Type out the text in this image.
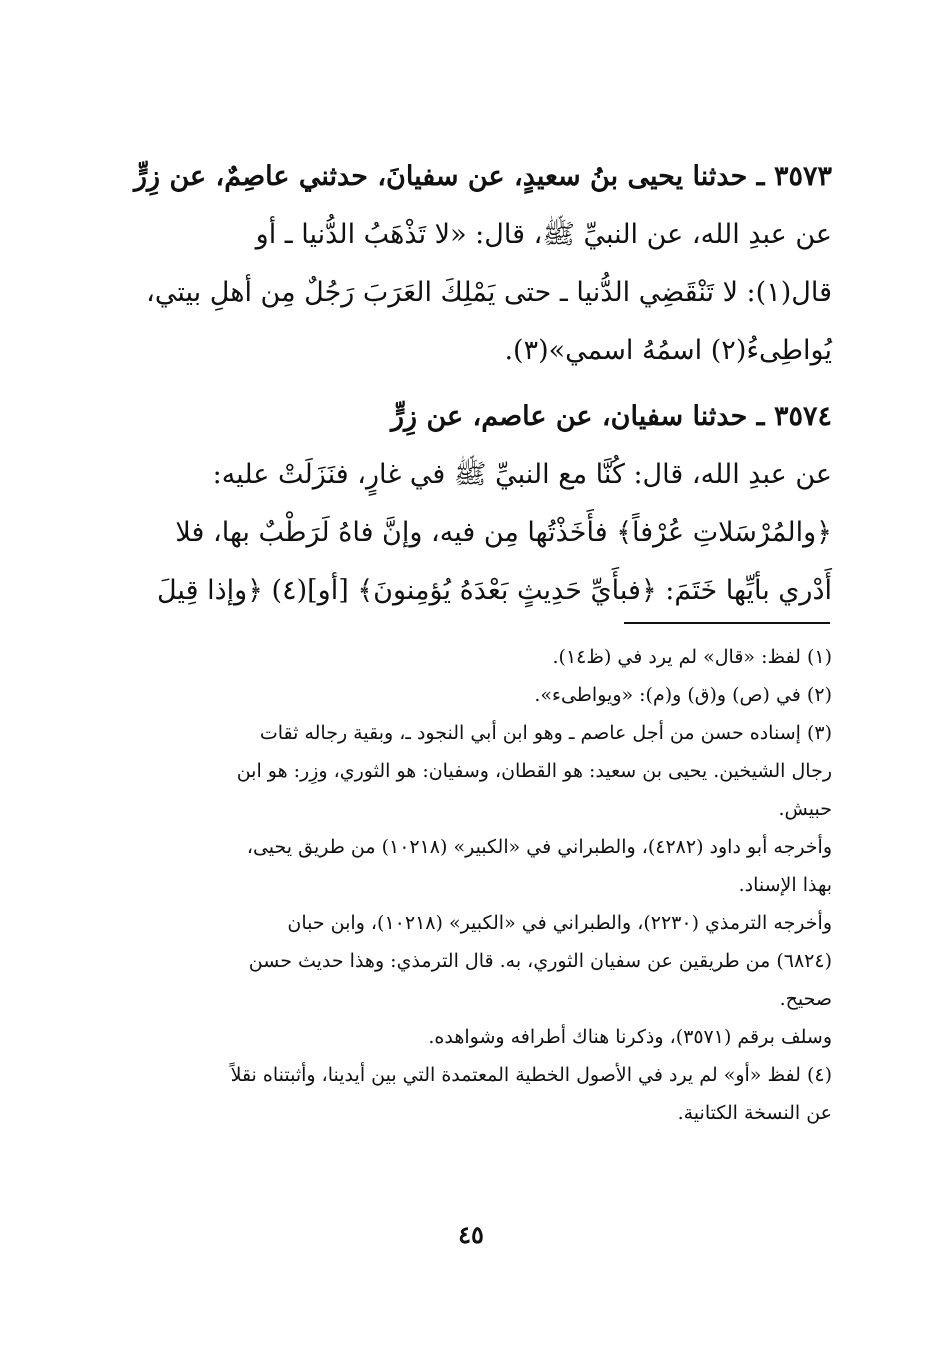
٣٥٧٣ ـ حدثنا يحيى بنُ سعيدٍ، عن سفيانَ، حدثني عاصِمٌ، عن زِرٍّ
عن عبدِ الله، عن النبيِّ ﷺ، قال: «لا تَذْهَبُ الدُّنيا ـ أو
قال(١): لا تَنْقَضِي الدُّنيا ـ حتى يَمْلِكَ العَرَبَ رَجُلٌ مِن أهلِ بيتي،
يُواطِىءُ(٢) اسمُهُ اسمي»(٣).
٣٥٧٤ ـ حدثنا سفيان، عن عاصم، عن زِرٍّ
عن عبدِ الله، قال: كُنَّا مع النبيِّ ﷺ في غارٍ، فنَزَلَتْ عليه:
﴿والمُرْسَلاتِ عُرْفاً﴾ فأَخَذْتُها مِن فيه، وإنَّ فاهُ لَرَطْبٌ بها، فلا
أَدْري بأيِّها خَتَمَ: ﴿فبأَيِّ حَدِيثٍ بَعْدَهُ يُؤمِنونَ﴾ [أو](٤) ﴿وإذا قِيلَ
(١) لفظ: «قال» لم يرد في (ظ١٤).
(٢) في (ص) و(ق) و(م): «ويواطىء».
(٣) إسناده حسن من أجل عاصم ـ وهو ابن أبي النجود ـ، وبقية رجاله ثقات
رجال الشيخين. يحيى بن سعيد: هو القطان، وسفيان: هو الثوري، وزِر: هو ابن
حبيش.
وأخرجه أبو داود (٤٢٨٢)، والطبراني في «الكبير» (١٠٢١٨) من طريق يحيى،
بهذا الإسناد.
وأخرجه الترمذي (٢٢٣٠)، والطبراني في «الكبير» (١٠٢١٨)، وابن حبان
(٦٨٢٤) من طريقين عن سفيان الثوري، به. قال الترمذي: وهذا حديث حسن
صحيح.
وسلف برقم (٣٥٧١)، وذكرنا هناك أطرافه وشواهده.
(٤) لفظ «أو» لم يرد في الأصول الخطية المعتمدة التي بين أيدينا، وأثبتناه نقلاً
عن النسخة الكتانية.
٤٥
